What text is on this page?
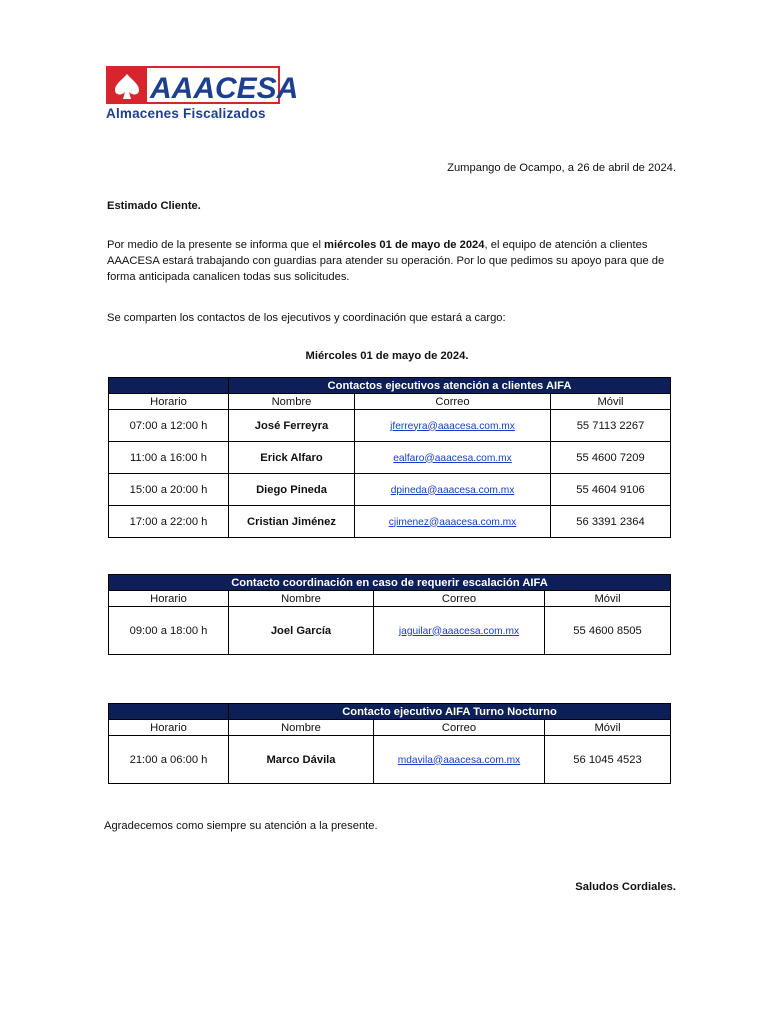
AAACESA
Almacenes Fiscalizados
Zumpango de Ocampo, a 26 de abril de 2024.
Estimado Cliente.
Por medio de la presente se informa que el miércoles 01 de mayo de 2024, el equipo de atención a clientes AAACESA estará trabajando con guardias para atender su operación. Por lo que pedimos su apoyo para que de forma anticipada canalicen todas sus solicitudes.
Se comparten los contactos de los ejecutivos y coordinación que estará a cargo:
Miércoles 01 de mayo de 2024.
	Contactos ejecutivos atención a clientes AIFA		
Horario	Nombre	Correo	Móvil
07:00 a 12:00 h	José Ferreyra	jferreyra@aaacesa.com.mx	55 7113 2267
11:00 a 16:00 h	Erick Alfaro	ealfaro@aaacesa.com.mx	55 4600 7209
15:00 a 20:00 h	Diego Pineda	dpineda@aaacesa.com.mx	55 4604 9106
17:00 a 22:00 h	Cristian Jiménez	cjimenez@aaacesa.com.mx	56 3391 2364
Contacto coordinación en caso de requerir escalación AIFA			
Horario	Nombre	Correo	Móvil
09:00 a 18:00 h	Joel García	jaguilar@aaacesa.com.mx	55 4600 8505
	Contacto ejecutivo AIFA Turno Nocturno		
Horario	Nombre	Correo	Móvil
21:00 a 06:00 h	Marco Dávila	mdavila@aaacesa.com.mx	56 1045 4523
Agradecemos como siempre su atención a la presente.
Saludos Cordiales.
